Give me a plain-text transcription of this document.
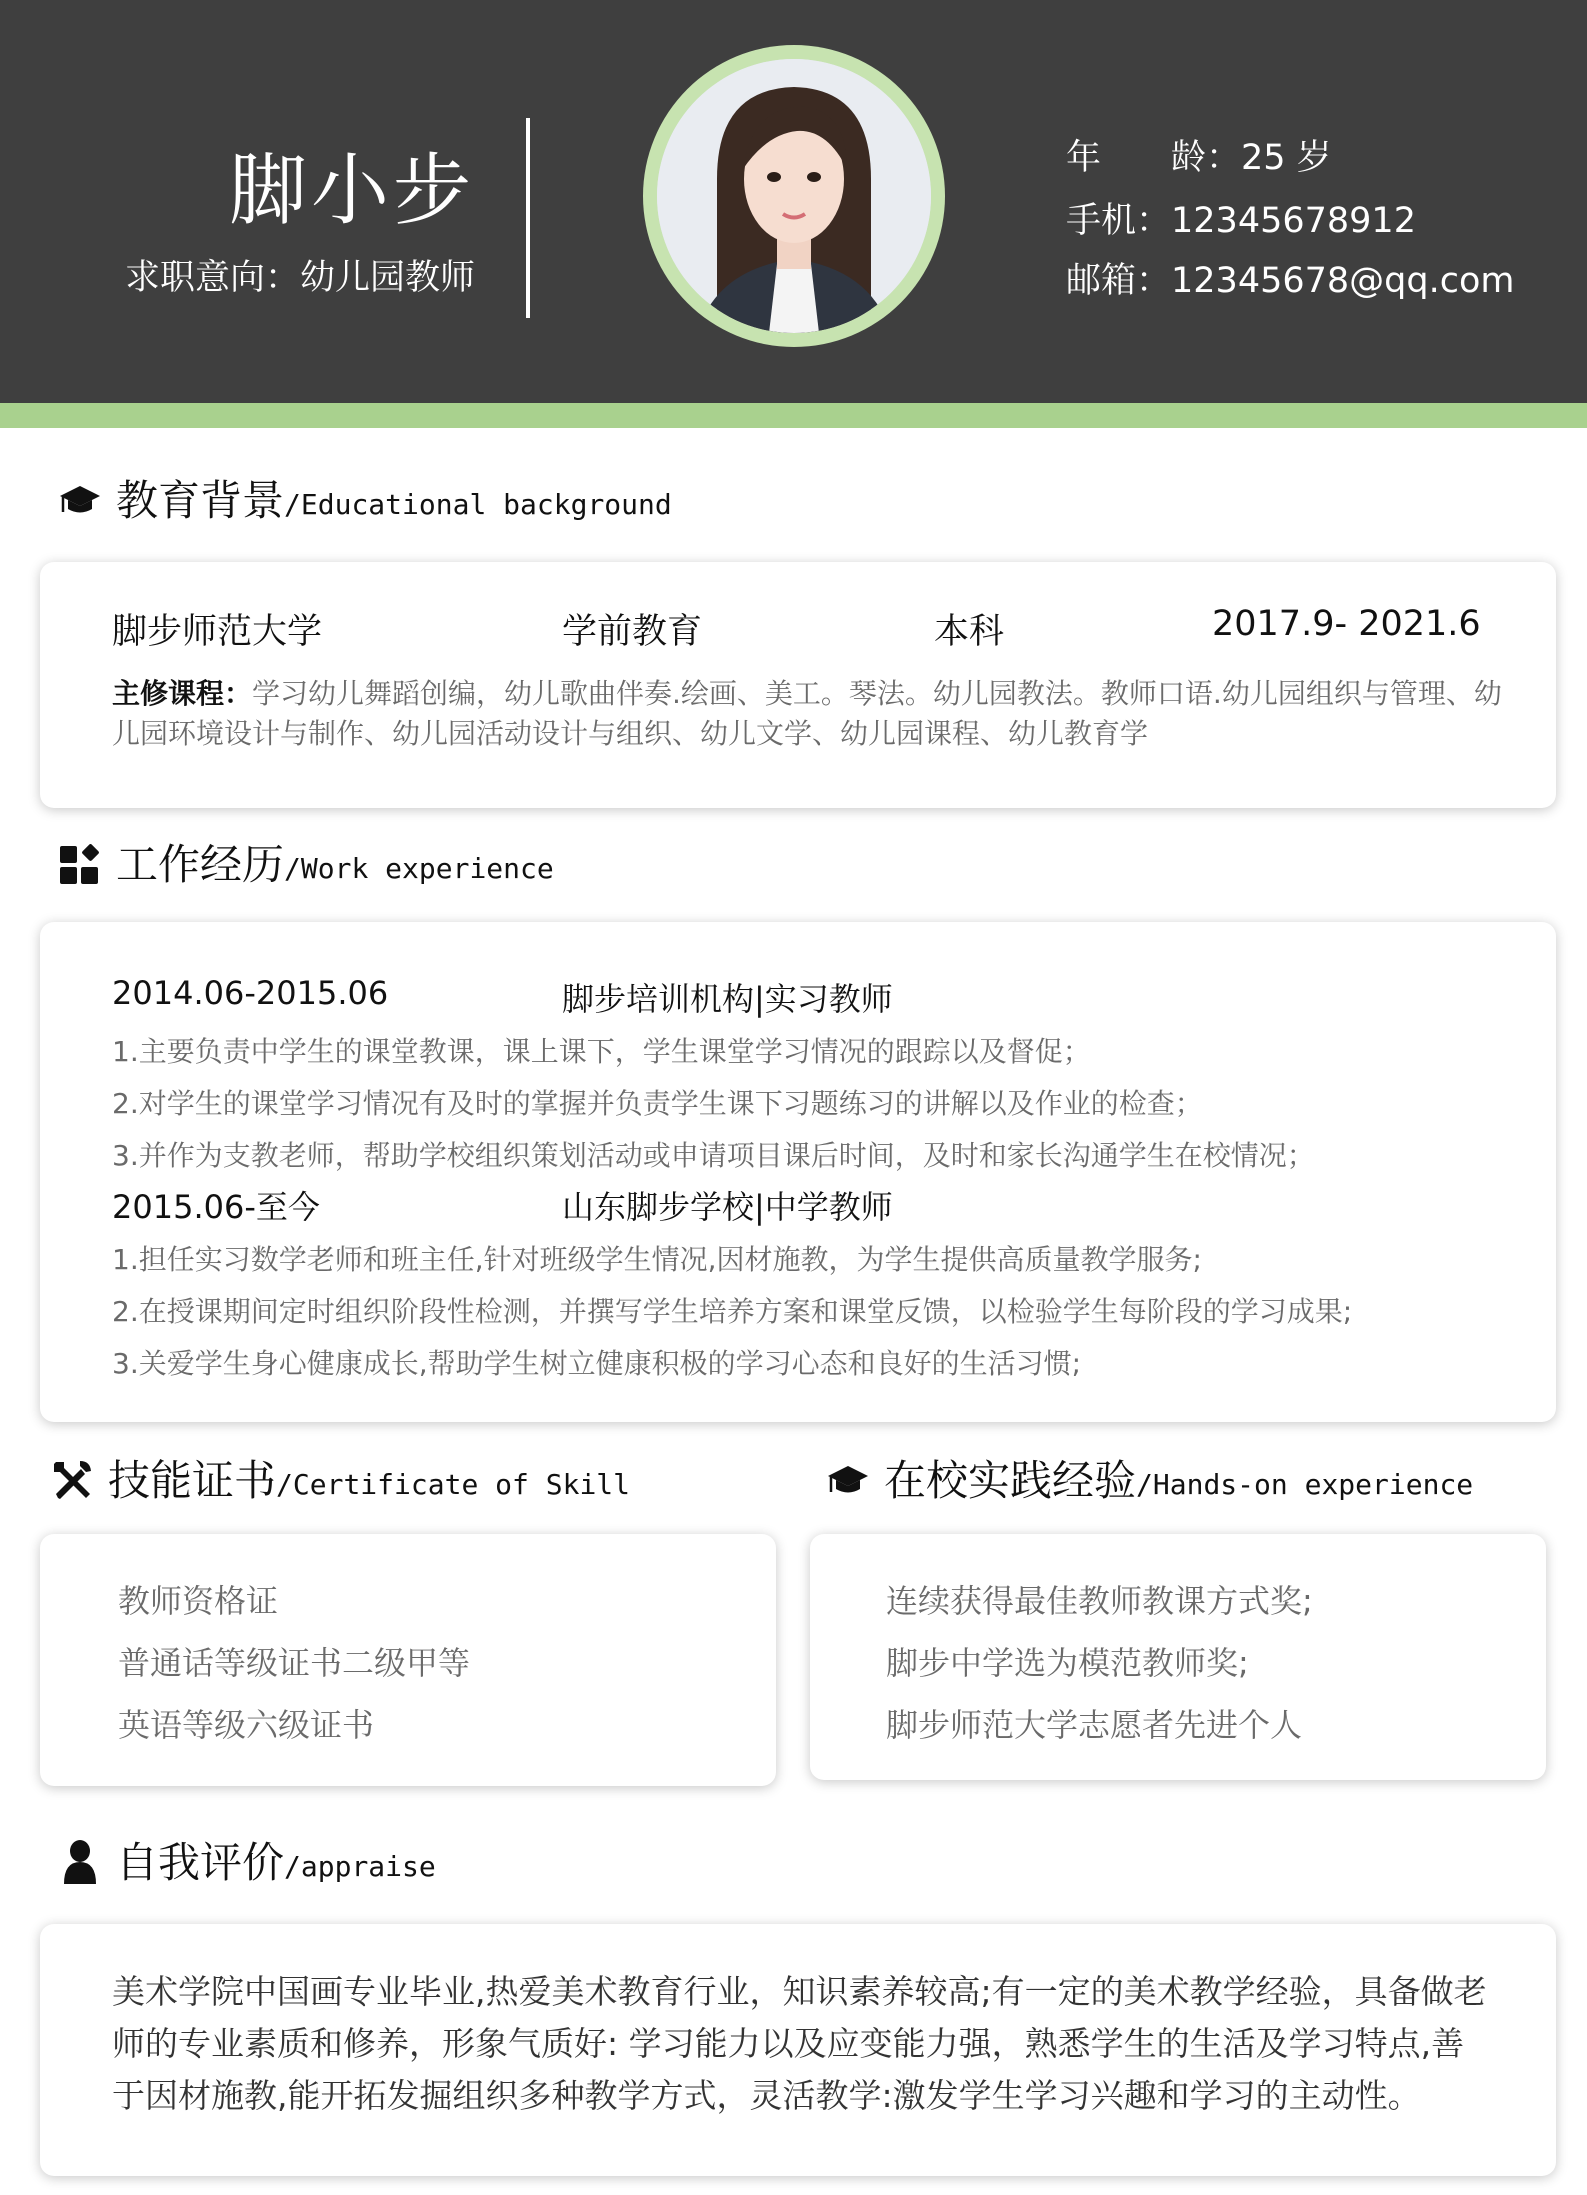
脚小步
求职意向：幼儿园教师
年　　龄：25 岁
手机：12345678912
邮箱：12345678@qq.com
教育背景 /Educational background
脚步师范大学	学前教育	本科	2017.9- 2021.6
主修课程：学习幼儿舞蹈创编，幼儿歌曲伴奏.绘画、美工。琴法。幼儿园教法。教师口语.幼儿园组织与管理、幼儿园环境设计与制作、幼儿园活动设计与组织、幼儿文学、幼儿园课程、幼儿教育学
工作经历 /Work experience
2014.06-2015.06	脚步培训机构|实习教师
1.主要负责中学生的课堂教课，课上课下，学生课堂学习情况的跟踪以及督促；
2.对学生的课堂学习情况有及时的掌握并负责学生课下习题练习的讲解以及作业的检查；
3.并作为支教老师，帮助学校组织策划活动或申请项目课后时间，及时和家长沟通学生在校情况；
2015.06-至今	山东脚步学校|中学教师
1.担任实习数学老师和班主任,针对班级学生情况,因材施教，为学生提供高质量教学服务;
2.在授课期间定时组织阶段性检测，并撰写学生培养方案和课堂反馈，以检验学生每阶段的学习成果;
3.关爱学生身心健康成长,帮助学生树立健康积极的学习心态和良好的生活习惯;
技能证书 /Certificate of Skill
教师资格证
普通话等级证书二级甲等
英语等级六级证书
在校实践经验 /Hands-on experience
连续获得最佳教师教课方式奖;
脚步中学选为模范教师奖;
脚步师范大学志愿者先进个人
自我评价 /appraise
美术学院中国画专业毕业,热爱美术教育行业，知识素养较高;有一定的美术教学经验，具备做老师的专业素质和修养，形象气质好: 学习能力以及应变能力强，熟悉学生的生活及学习特点,善于因材施教,能开拓发掘组织多种教学方式，灵活教学:激发学生学习兴趣和学习的主动性。
